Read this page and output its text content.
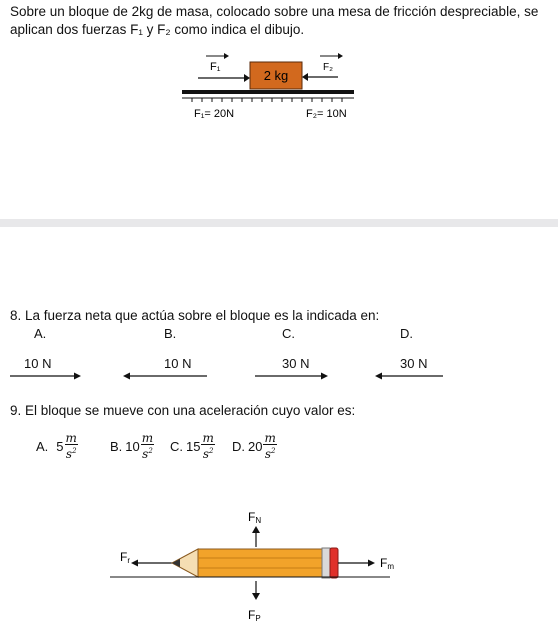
Sobre un bloque de 2kg de masa, colocado sobre una mesa de fricción despreciable, se
aplican dos fuerzas F₁ y F₂ como indica el dibujo.
F₁
2 kg
F₂
F₁= 20N	F₂= 10N
8. La fuerza neta que actúa sobre el bloque es la indicada en:
A.	B.	C.	D.
10 N	10 N	30 N	30 N
9. El bloque se mueve con una aceleración cuyo valor es:
A. $5 \frac{m}{s^2} B$. $10 \frac{m}{s^2} C$. $15 \frac{m}{s^2} D$. $20 \frac{m}{s^2}$
FN
Fr	Fm
FP
